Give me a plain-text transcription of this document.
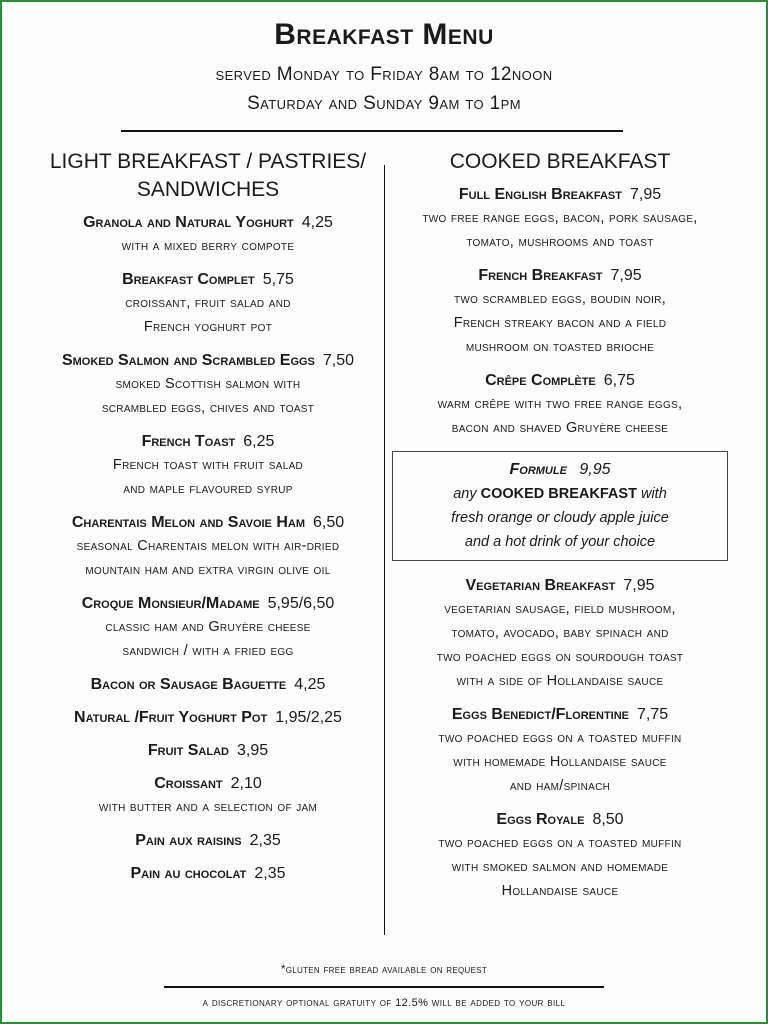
Breakfast Menu
served Monday to Friday 8am to 12noon
Saturday and Sunday 9am to 1pm
LIGHT BREAKFAST / PASTRIES/ SANDWICHES
Granola and Natural Yoghurt 4,25
with a mixed berry compote
Breakfast Complet 5,75
croissant, fruit salad and
French yoghurt pot
Smoked Salmon and Scrambled Eggs 7,50
smoked Scottish salmon with
scrambled eggs, chives and toast
French Toast 6,25
French toast with fruit salad
and maple flavoured syrup
Charentais Melon and Savoie Ham 6,50
seasonal Charentais melon with air-dried
mountain ham and extra virgin olive oil
Croque Monsieur/Madame 5,95/6,50
classic ham and Gruyère cheese
sandwich / with a fried egg
Bacon or Sausage Baguette 4,25
Natural /Fruit Yoghurt Pot 1,95/2,25
Fruit Salad 3,95
Croissant 2,10
with butter and a selection of jam
Pain aux raisins 2,35
Pain au chocolat 2,35
COOKED BREAKFAST
Full English Breakfast 7,95
two free range eggs, bacon, pork sausage,
tomato, mushrooms and toast
French Breakfast 7,95
two scrambled eggs, boudin noir,
French streaky bacon and a field
mushroom on toasted brioche
Crêpe Complète 6,75
warm crêpe with two free range eggs,
bacon and shaved Gruyère cheese
Formule 9,95
any COOKED BREAKFAST with
fresh orange or cloudy apple juice
and a hot drink of your choice
Vegetarian Breakfast 7,95
vegetarian sausage, field mushroom,
tomato, avocado, baby spinach and
two poached eggs on sourdough toast
with a side of Hollandaise sauce
Eggs Benedict/Florentine 7,75
two poached eggs on a toasted muffin
with homemade Hollandaise sauce
and ham/spinach
Eggs Royale 8,50
two poached eggs on a toasted muffin
with smoked salmon and homemade
Hollandaise sauce
*gluten free bread available on request
a discretionary optional gratuity of 12.5% will be added to your bill
